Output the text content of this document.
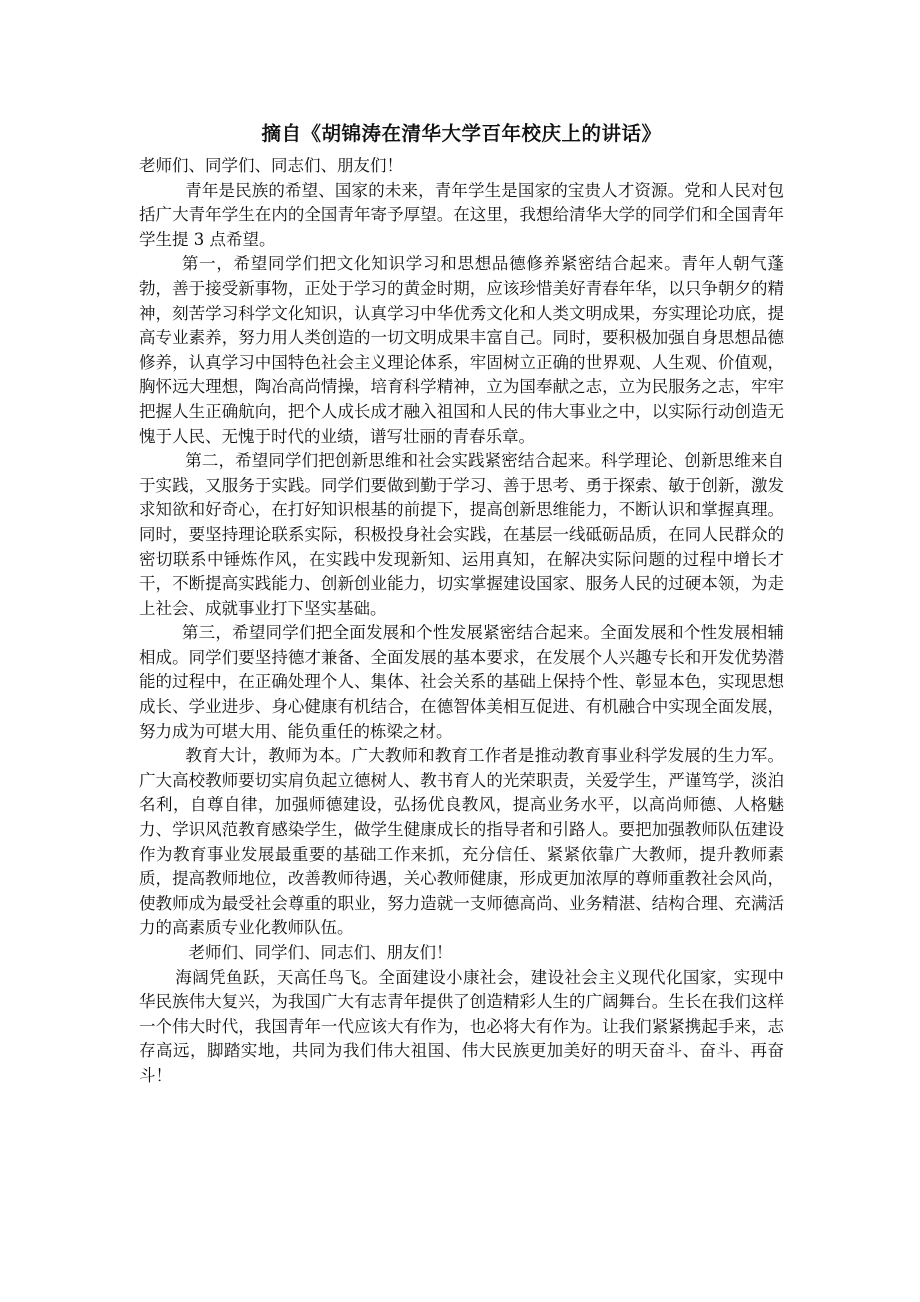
摘自《胡锦涛在清华大学百年校庆上的讲话》

老师们、同学们、同志们、朋友们！

青年是民族的希望、国家的未来，青年学生是国家的宝贵人才资源。党和人民对包括广大青年学生在内的全国青年寄予厚望。在这里，我想给清华大学的同学们和全国青年学生提 3 点希望。

第一，希望同学们把文化知识学习和思想品德修养紧密结合起来。青年人朝气蓬勃，善于接受新事物，正处于学习的黄金时期，应该珍惜美好青春年华，以只争朝夕的精神，刻苦学习科学文化知识，认真学习中华优秀文化和人类文明成果，夯实理论功底，提高专业素养，努力用人类创造的一切文明成果丰富自己。同时，要积极加强自身思想品德修养，认真学习中国特色社会主义理论体系，牢固树立正确的世界观、人生观、价值观，胸怀远大理想，陶冶高尚情操，培育科学精神，立为国奉献之志，立为民服务之志，牢牢把握人生正确航向，把个人成长成才融入祖国和人民的伟大事业之中，以实际行动创造无愧于人民、无愧于时代的业绩，谱写壮丽的青春乐章。

第二，希望同学们把创新思维和社会实践紧密结合起来。科学理论、创新思维来自于实践，又服务于实践。同学们要做到勤于学习、善于思考、勇于探索、敏于创新，激发求知欲和好奇心，在打好知识根基的前提下，提高创新思维能力，不断认识和掌握真理。同时，要坚持理论联系实际，积极投身社会实践，在基层一线砥砺品质，在同人民群众的密切联系中锤炼作风，在实践中发现新知、运用真知，在解决实际问题的过程中增长才干，不断提高实践能力、创新创业能力，切实掌握建设国家、服务人民的过硬本领，为走上社会、成就事业打下坚实基础。

第三，希望同学们把全面发展和个性发展紧密结合起来。全面发展和个性发展相辅相成。同学们要坚持德才兼备、全面发展的基本要求，在发展个人兴趣专长和开发优势潜能的过程中，在正确处理个人、集体、社会关系的基础上保持个性、彰显本色，实现思想成长、学业进步、身心健康有机结合，在德智体美相互促进、有机融合中实现全面发展，努力成为可堪大用、能负重任的栋梁之材。

教育大计，教师为本。广大教师和教育工作者是推动教育事业科学发展的生力军。广大高校教师要切实肩负起立德树人、教书育人的光荣职责，关爱学生，严谨笃学，淡泊名利，自尊自律，加强师德建设，弘扬优良教风，提高业务水平，以高尚师德、人格魅力、学识风范教育感染学生，做学生健康成长的指导者和引路人。要把加强教师队伍建设作为教育事业发展最重要的基础工作来抓，充分信任、紧紧依靠广大教师，提升教师素质，提高教师地位，改善教师待遇，关心教师健康，形成更加浓厚的尊师重教社会风尚，使教师成为最受社会尊重的职业，努力造就一支师德高尚、业务精湛、结构合理、充满活力的高素质专业化教师队伍。

老师们、同学们、同志们、朋友们！

海阔凭鱼跃，天高任鸟飞。全面建设小康社会，建设社会主义现代化国家，实现中华民族伟大复兴，为我国广大有志青年提供了创造精彩人生的广阔舞台。生长在我们这样一个伟大时代，我国青年一代应该大有作为，也必将大有作为。让我们紧紧携起手来，志存高远，脚踏实地，共同为我们伟大祖国、伟大民族更加美好的明天奋斗、奋斗、再奋斗！
